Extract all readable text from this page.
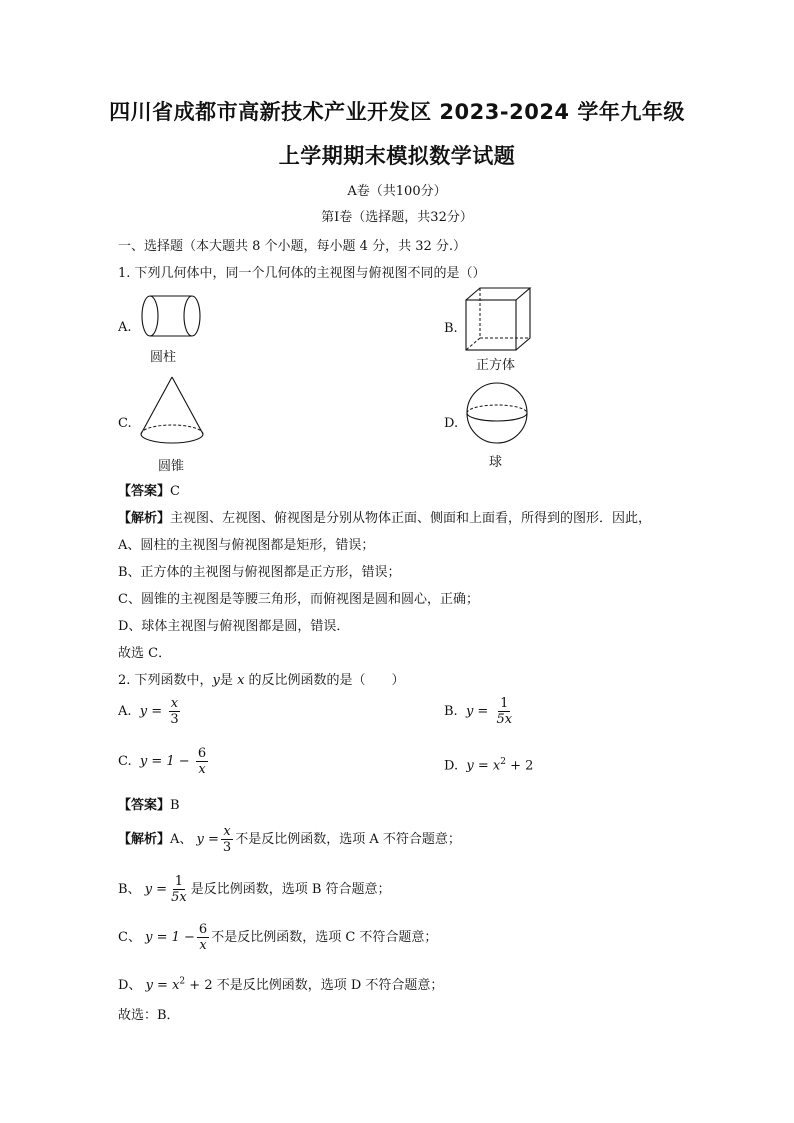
四川省成都市高新技术产业开发区 2023-2024 学年九年级
上学期期末模拟数学试题
A卷（共100分）
第Ⅰ卷（选择题，共32分）
一、选择题（本大题共 8 个小题，每小题 4 分，共 32 分.）
1. 下列几何体中，同一个几何体的主视图与俯视图不同的是（）
A.
圆柱
B.
正方体
C.
圆锥
D.
球
【答案】C
【解析】主视图、左视图、俯视图是分别从物体正面、侧面和上面看，所得到的图形．因此，
A、圆柱的主视图与俯视图都是矩形，错误；
B、正方体的主视图与俯视图都是正方形，错误；
C、圆锥的主视图是等腰三角形，而俯视图是圆和圆心，正确；
D、球体主视图与俯视图都是圆，错误．
故选 C．
2. 下列函数中，y是 x 的反比例函数的是（　　）
A. $y = \frac{x}{3}$	B. $y = \frac{1}{5x}$
C. $y = 1 - \frac{6}{x}$	D. $y = x^2 + 2$
【答案】B
【解析】A、 $y = \frac{x}{3}$ 不是反比例函数，选项 A 不符合题意；
B、 $y = \frac{1}{5x}$ 是反比例函数，选项 B 符合题意；
C、 $y = 1 - \frac{6}{x}$ 不是反比例函数，选项 C 不符合题意；
D、 $y = x^2 + 2$ 不是反比例函数，选项 D 不符合题意；
故选：B．
